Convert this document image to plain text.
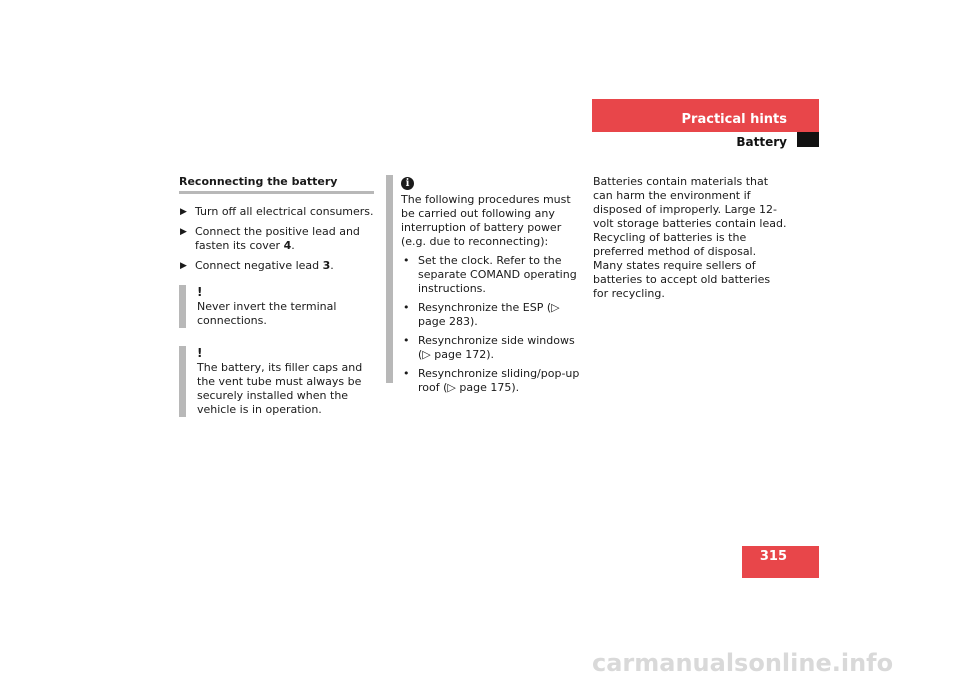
Practical hints
Battery
Reconnecting the battery
▶ Turn off all electrical consumers.
▶ Connect the positive lead and fasten its cover 4.
▶ Connect negative lead 3.
!
Never invert the terminal connections.
!
The battery, its filler caps and the vent tube must always be securely installed when the vehicle is in operation.
i
The following procedures must be carried out following any interruption of battery power (e.g. due to reconnecting):
• Set the clock. Refer to the separate COMAND operating instructions.
• Resynchronize the ESP (▷ page 283).
• Resynchronize side windows (▷ page 172).
• Resynchronize sliding/pop-up roof (▷ page 175).
Batteries contain materials that can harm the environment if disposed of improperly. Large 12-volt storage batteries contain lead. Recycling of batteries is the preferred method of disposal. Many states require sellers of batteries to accept old batteries for recycling.
315
carmanualsonline.info
